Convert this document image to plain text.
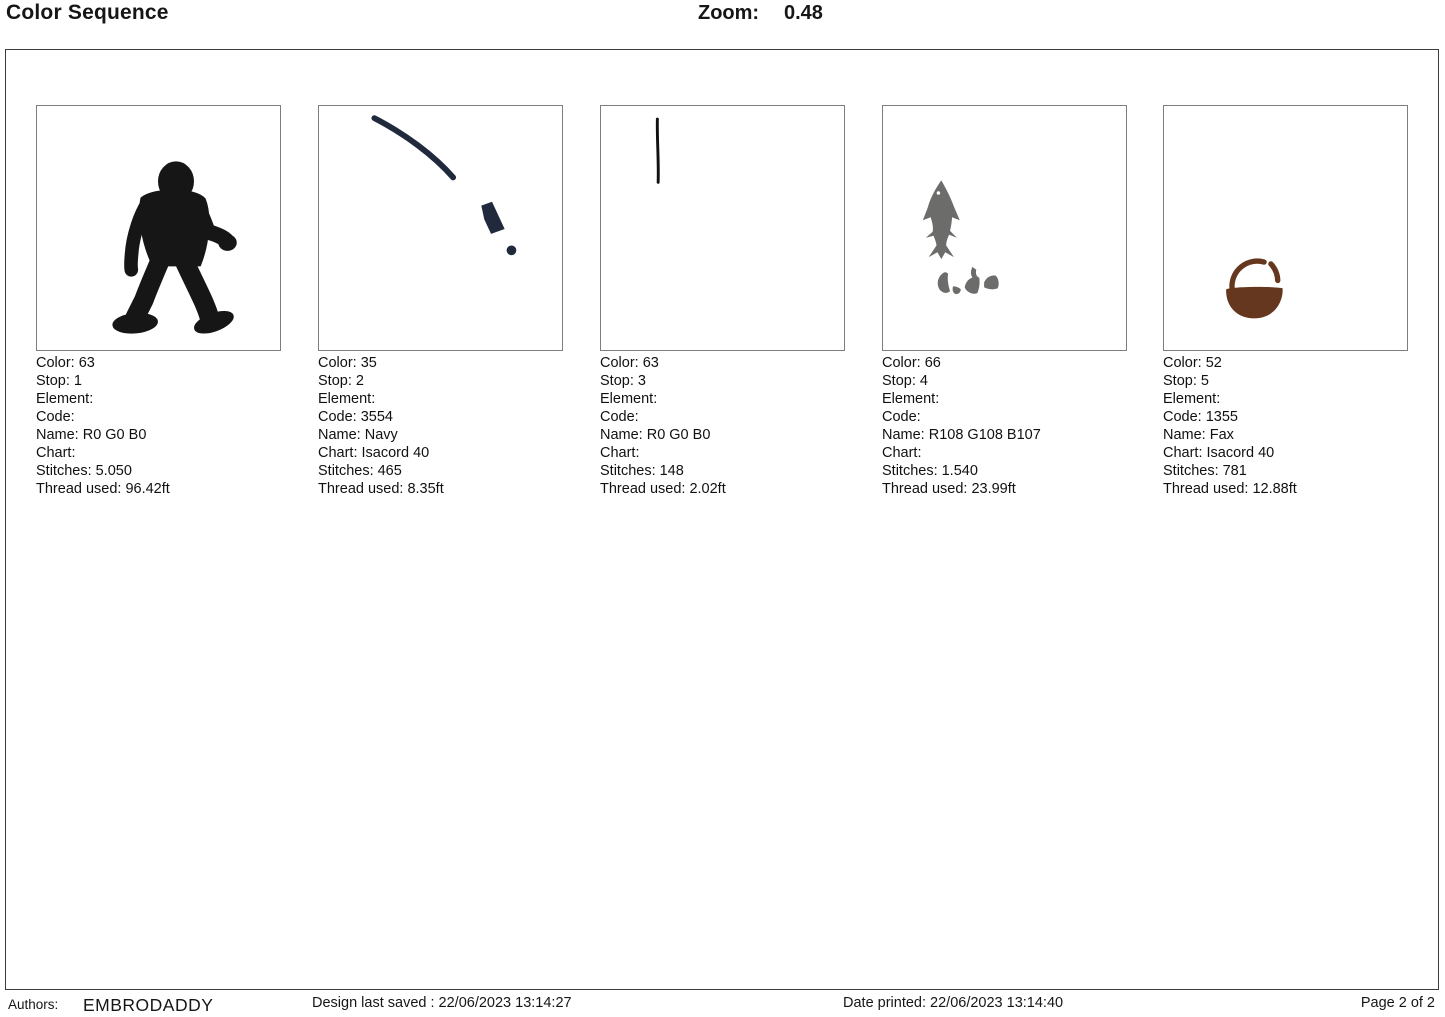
Color Sequence	Zoom: 0.48
Color: 63
Stop: 1
Element:
Code:
Name: R0 G0 B0
Chart:
Stitches: 5.050
Thread used: 96.42ft
Color: 35
Stop: 2
Element:
Code: 3554
Name: Navy
Chart: Isacord 40
Stitches: 465
Thread used: 8.35ft
Color: 63
Stop: 3
Element:
Code:
Name: R0 G0 B0
Chart:
Stitches: 148
Thread used: 2.02ft
Color: 66
Stop: 4
Element:
Code:
Name: R108 G108 B107
Chart:
Stitches: 1.540
Thread used: 23.99ft
Color: 52
Stop: 5
Element:
Code: 1355
Name: Fax
Chart: Isacord 40
Stitches: 781
Thread used: 12.88ft
Authors: EMBRODADDY	Design last saved : 22/06/2023 13:14:27	Date printed: 22/06/2023 13:14:40	Page 2 of 2
